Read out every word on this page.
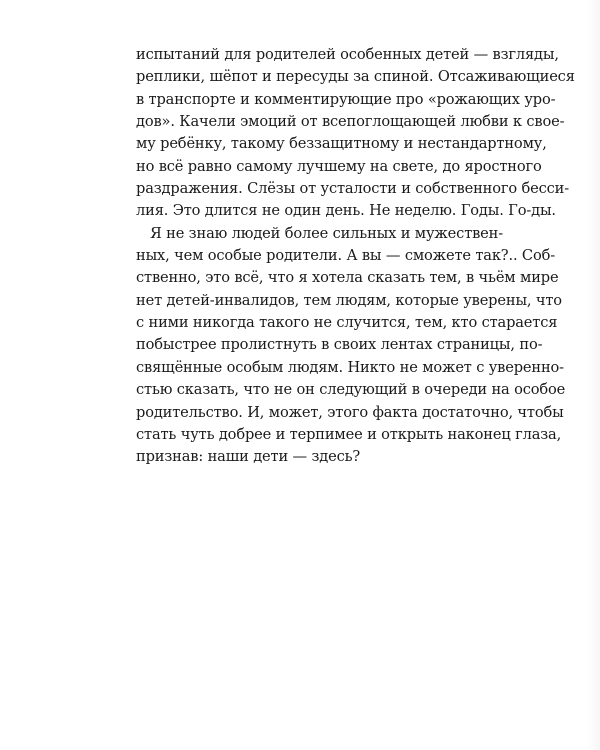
испытаний для родителей особенных детей — взгляды,
реплики, шёпот и пересуды за спиной. Отсаживающиеся
в транспорте и комментирующие про «рожающих уро-
дов». Качели эмоций от всепоглощающей любви к свое-
му ребёнку, такому беззащитному и нестандартному,
но всё равно самому лучшему на свете, до яростного
раздражения. Слёзы от усталости и собственного бесси-
лия. Это длится не один день. Не неделю. Годы. Го-ды.
Я не знаю людей более сильных и мужествен-
ных, чем особые родители. А вы — сможете так?.. Соб-
ственно, это всё, что я хотела сказать тем, в чьём мире
нет детей-инвалидов, тем людям, которые уверены, что
с ними никогда такого не случится, тем, кто старается
побыстрее пролистнуть в своих лентах страницы, по-
свящённые особым людям. Никто не может с уверенно-
стью сказать, что не он следующий в очереди на особое
родительство. И, может, этого факта достаточно, чтобы
стать чуть добрее и терпимее и открыть наконец глаза,
признав: наши дети — здесь?
